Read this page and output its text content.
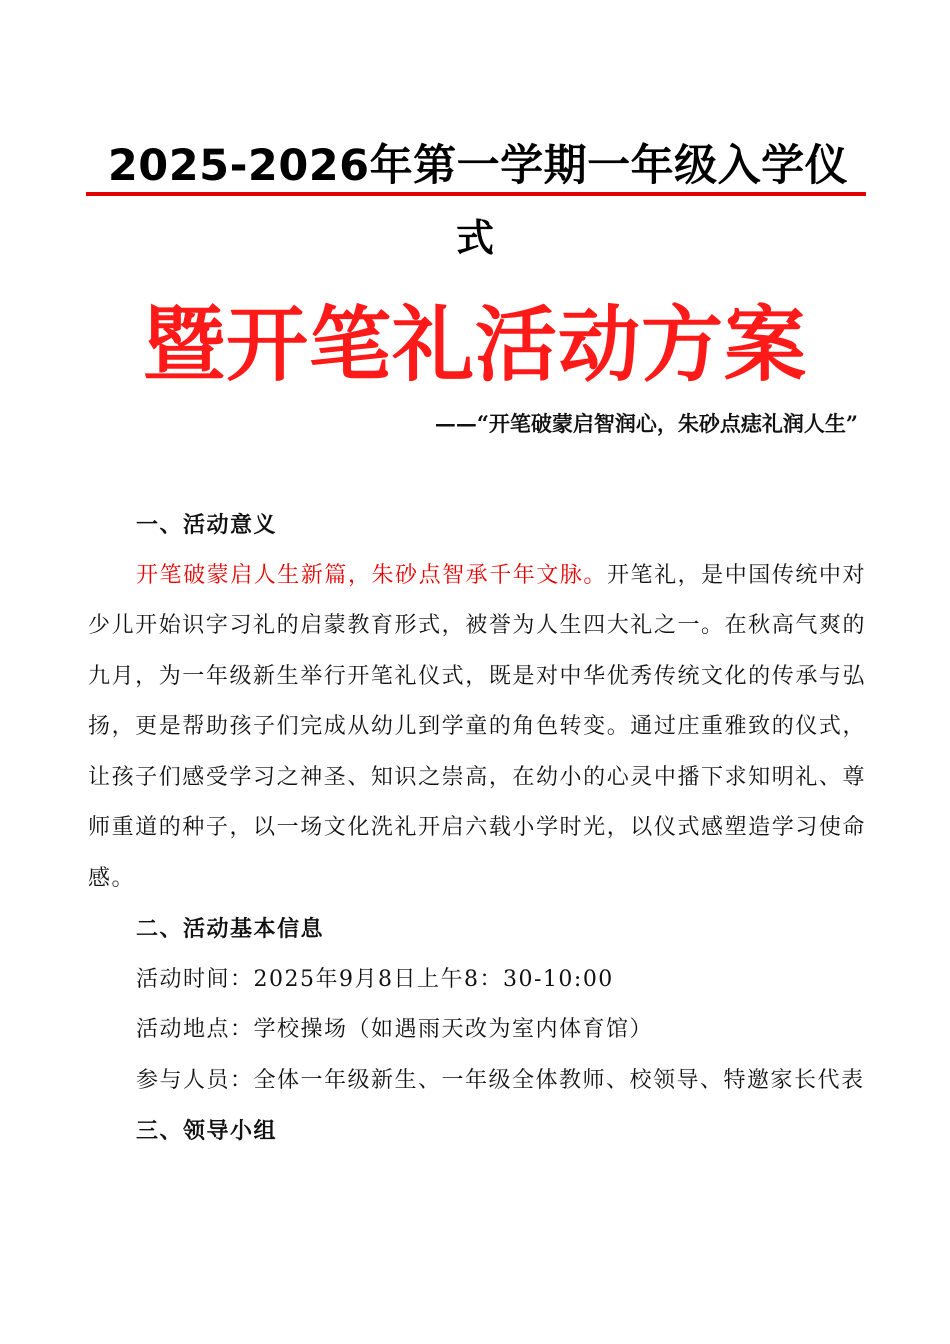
2025-2026年第一学期一年级入学仪
式
暨开笔礼活动方案
——“开笔破蒙启智润心，朱砂点痣礼润人生”

一、活动意义

开笔破蒙启人生新篇，朱砂点智承千年文脉。开笔礼，是中国传统中对少儿开始识字习礼的启蒙教育形式，被誉为人生四大礼之一。在秋高气爽的九月，为一年级新生举行开笔礼仪式，既是对中华优秀传统文化的传承与弘扬，更是帮助孩子们完成从幼儿到学童的角色转变。通过庄重雅致的仪式，让孩子们感受学习之神圣、知识之崇高，在幼小的心灵中播下求知明礼、尊师重道的种子，以一场文化洗礼开启六载小学时光，以仪式感塑造学习使命感。

二、活动基本信息

活动时间：2025年9月8日上午8：30-10:00

活动地点：学校操场（如遇雨天改为室内体育馆）

参与人员：全体一年级新生、一年级全体教师、校领导、特邀家长代表

三、领导小组
